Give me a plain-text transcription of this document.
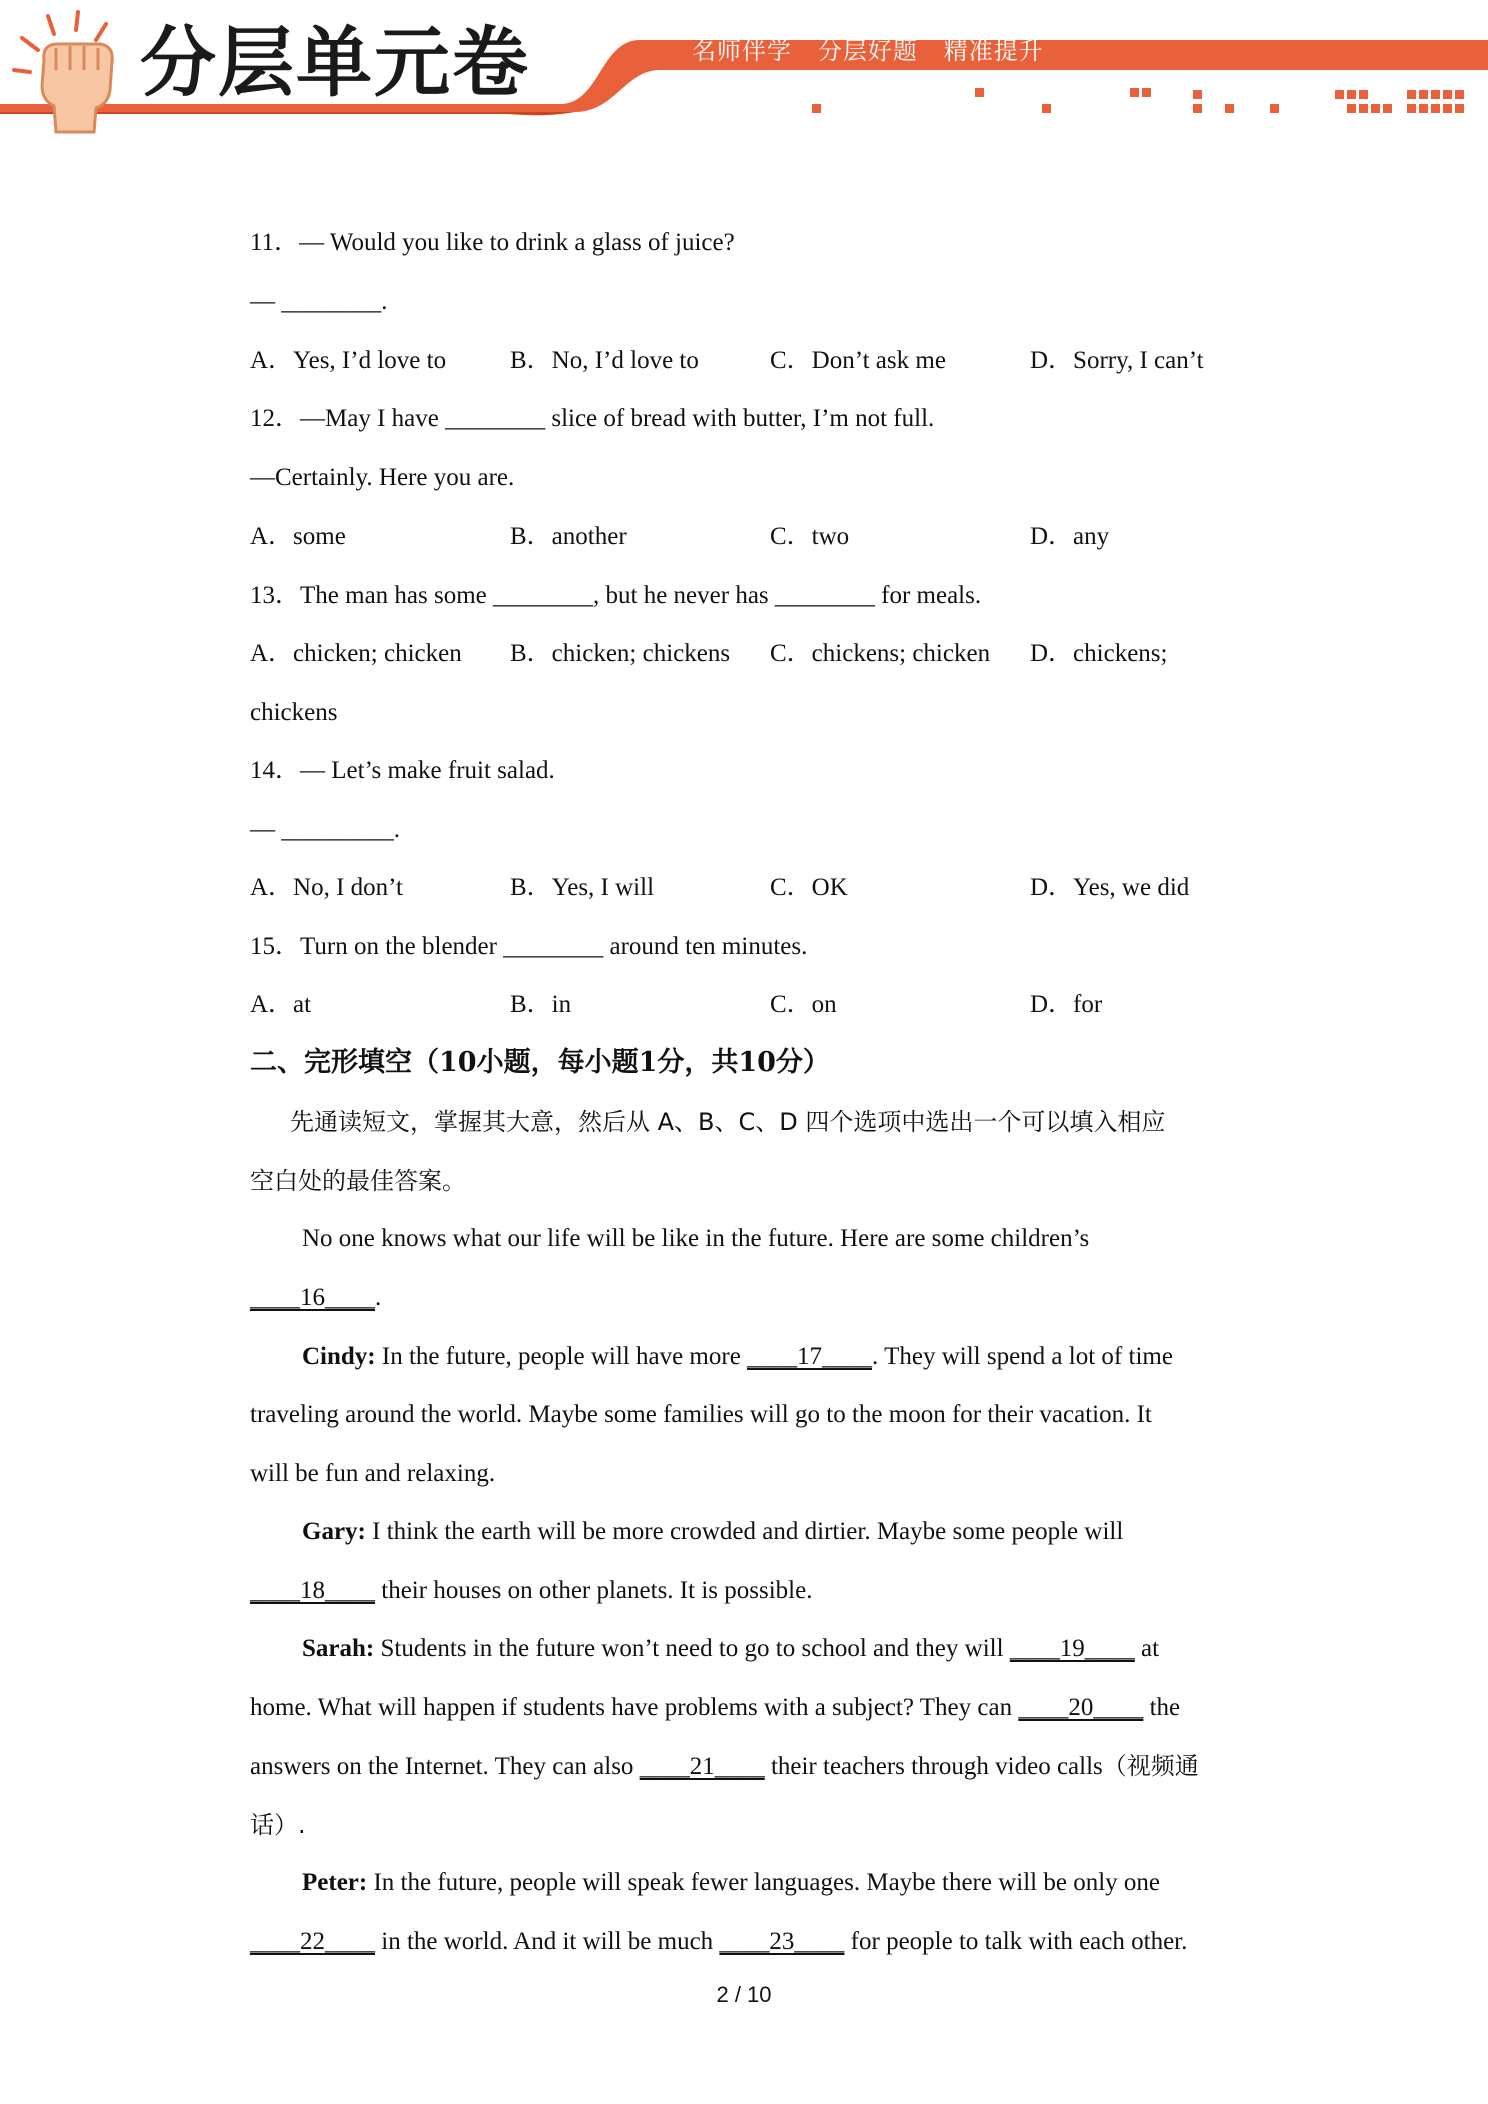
分层单元卷	名师伴学   分层好题   精准提升
11．— Would you like to drink a glass of juice?
— ________.
A．Yes, I’d love to	B．No, I’d love to	C．Don’t ask me	D．Sorry, I can’t
12．—May I have ________ slice of bread with butter, I’m not full.
—Certainly. Here you are.
A．some	B．another	C．two	D．any
13．The man has some ________, but he never has ________ for meals.
A．chicken; chicken B．chicken; chickens C．chickens; chicken D．chickens;
chickens
14．— Let’s make fruit salad.
— _________.
A．No, I don’t	B．Yes, I will	C．OK	D．Yes, we did
15．Turn on the blender ________ around ten minutes.
A．at	B．in	C．on	D．for
二、完形填空（10小题，每小题1分，共10分）
先通读短文，掌握其大意，然后从 A、B、C、D 四个选项中选出一个可以填入相应
空白处的最佳答案。
No one knows what our life will be like in the future. Here are some children’s
____16____.
Cindy: In the future, people will have more ____17____. They will spend a lot of time
traveling around the world. Maybe some families will go to the moon for their vacation. It
will be fun and relaxing.
Gary: I think the earth will be more crowded and dirtier. Maybe some people will
____18____ their houses on other planets. It is possible.
Sarah: Students in the future won’t need to go to school and they will ____19____ at
home. What will happen if students have problems with a subject? They can ____20____ the
answers on the Internet. They can also ____21____ their teachers through video calls（视频通
话）.
Peter: In the future, people will speak fewer languages. Maybe there will be only one
____22____ in the world. And it will be much ____23____ for people to talk with each other.
2 / 10
